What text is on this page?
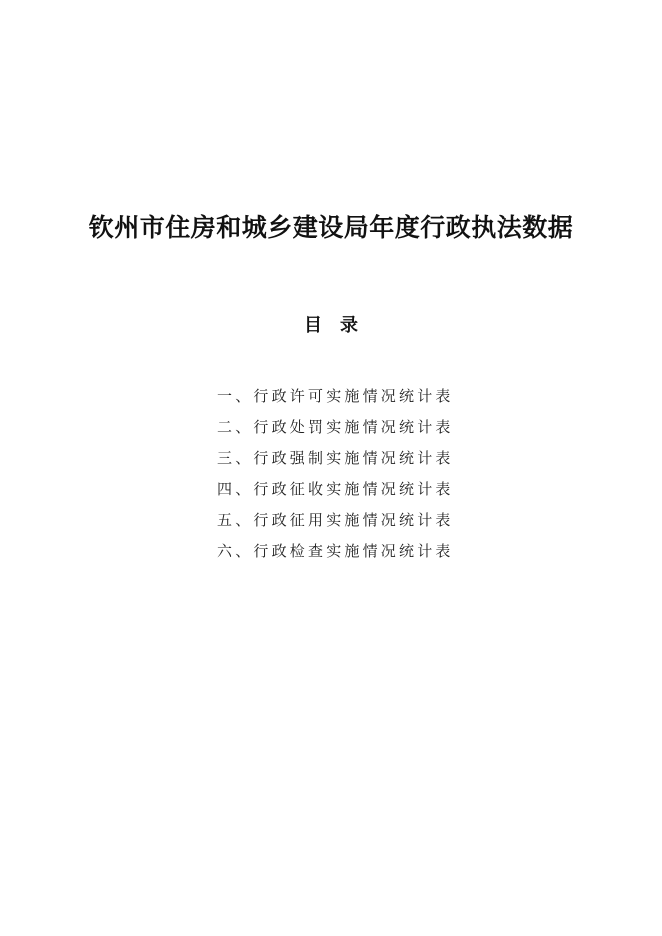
钦州市住房和城乡建设局年度行政执法数据
目 录
一、行政许可实施情况统计表
二、行政处罚实施情况统计表
三、行政强制实施情况统计表
四、行政征收实施情况统计表
五、行政征用实施情况统计表
六、行政检查实施情况统计表
